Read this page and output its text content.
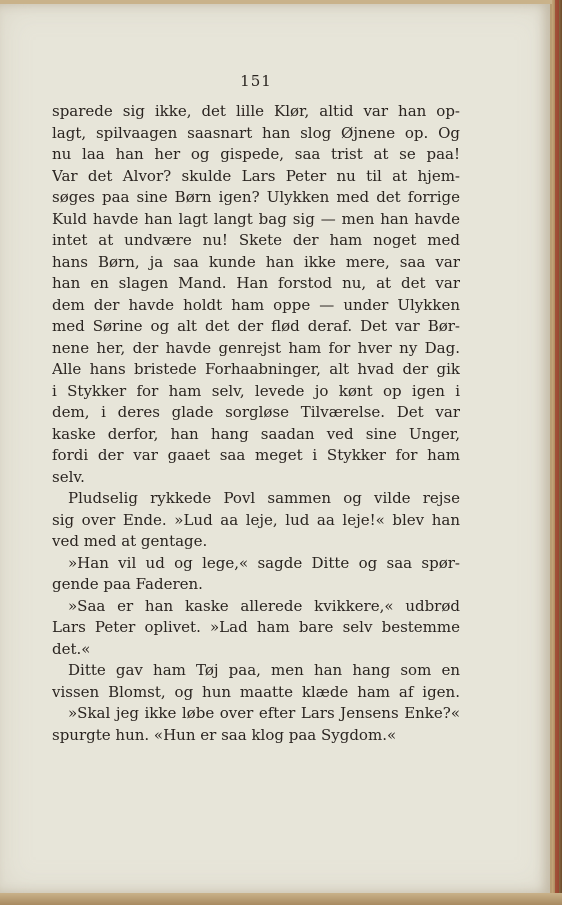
151
sparede sig ikke, det lille Klør, altid var han op-
lagt, spilvaagen saasnart han slog Øjnene op. Og
nu laa han her og gispede, saa trist at se paa!
Var det Alvor? skulde Lars Peter nu til at hjem-
søges paa sine Børn igen? Ulykken med det forrige
Kuld havde han lagt langt bag sig — men han havde
intet at undvære nu! Skete der ham noget med
hans Børn, ja saa kunde han ikke mere, saa var
han en slagen Mand. Han forstod nu, at det var
dem der havde holdt ham oppe — under Ulykken
med Sørine og alt det der flød deraf. Det var Bør-
nene her, der havde genrejst ham for hver ny Dag.
Alle hans bristede Forhaabninger, alt hvad der gik
i Stykker for ham selv, levede jo kønt op igen i
dem, i deres glade sorgløse Tilværelse. Det var
kaske derfor, han hang saadan ved sine Unger,
fordi der var gaaet saa meget i Stykker for ham
selv.
Pludselig rykkede Povl sammen og vilde rejse
sig over Ende. »Lud aa leje, lud aa leje!« blev han
ved med at gentage.
»Han vil ud og lege,« sagde Ditte og saa spør-
gende paa Faderen.
»Saa er han kaske allerede kvikkere,« udbrød
Lars Peter oplivet. »Lad ham bare selv bestemme
det.«
Ditte gav ham Tøj paa, men han hang som en
vissen Blomst, og hun maatte klæde ham af igen.
»Skal jeg ikke løbe over efter Lars Jensens Enke?«
spurgte hun. «Hun er saa klog paa Sygdom.«
